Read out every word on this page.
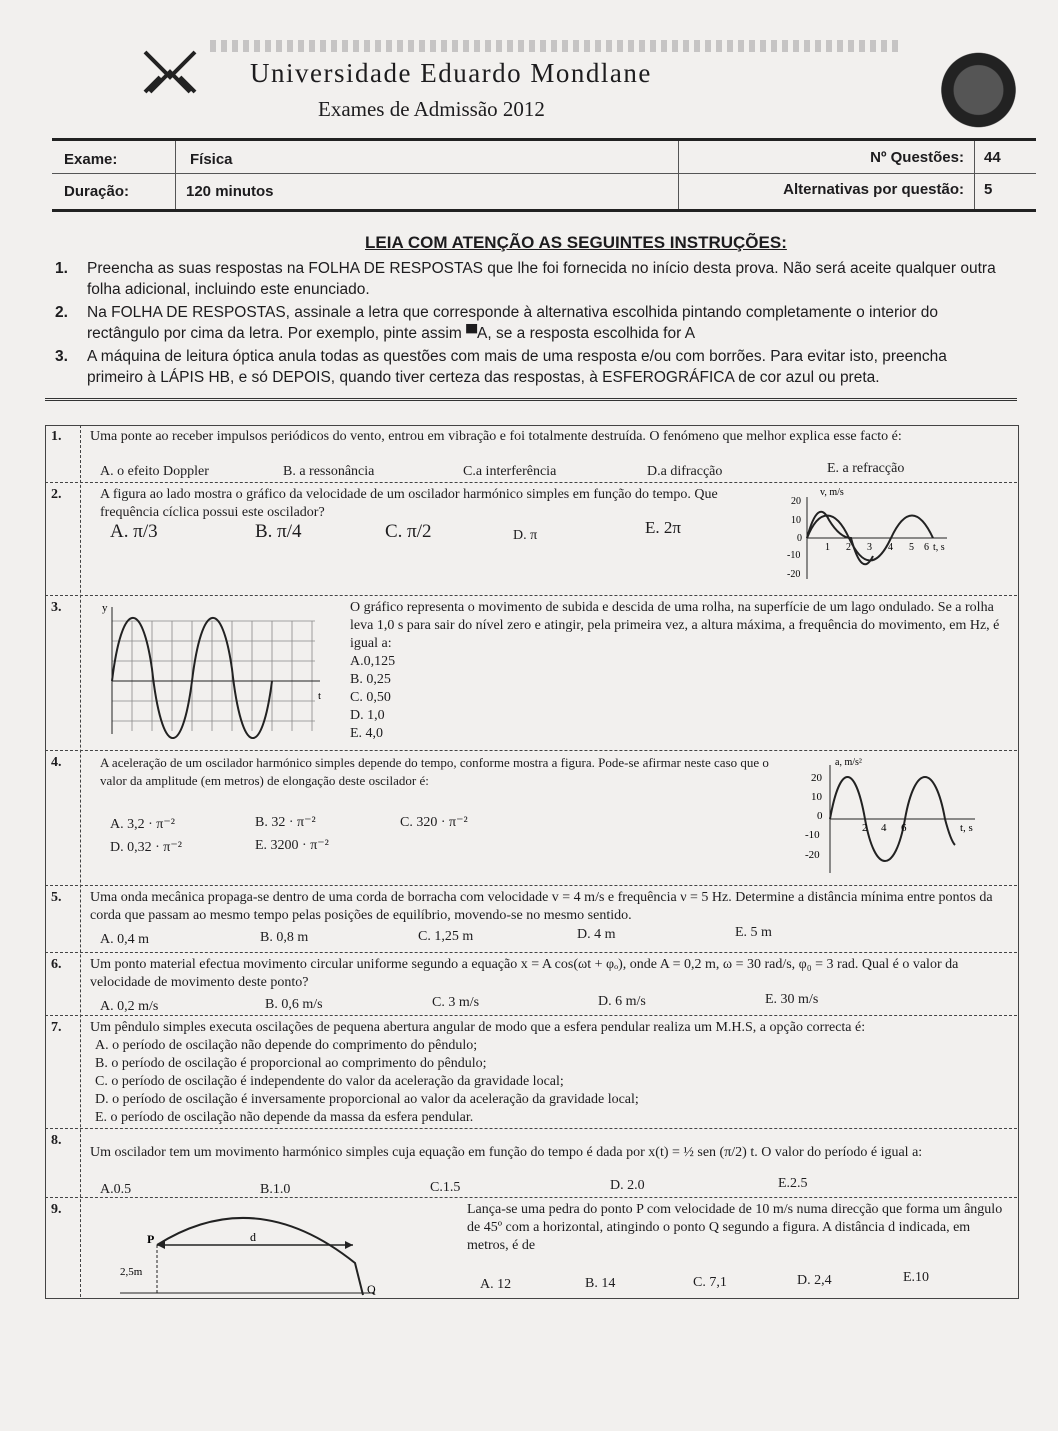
Universidade Eduardo Mondlane
Exames de Admissão 2012
Exame:	Física
Duração:	120 minutos
Nº Questões: 44
Alternativas por questão: 5
LEIA COM ATENÇÃO AS SEGUINTES INSTRUÇÕES:
1. Preencha as suas respostas na FOLHA DE RESPOSTAS que lhe foi fornecida no início desta prova. Não será aceite qualquer outra folha adicional, incluindo este enunciado.
2. Na FOLHA DE RESPOSTAS, assinale a letra que corresponde à alternativa escolhida pintando completamente o interior do rectângulo por cima da letra. Por exemplo, pinte assim ▀A, se a resposta escolhida for A
3. A máquina de leitura óptica anula todas as questões com mais de uma resposta e/ou com borrões. Para evitar isto, preencha primeiro à LÁPIS HB, e só DEPOIS, quando tiver certeza das respostas, à ESFEROGRÁFICA de cor azul ou preta.
1. Uma ponte ao receber impulsos periódicos do vento, entrou em vibração e foi totalmente destruída. O fenómeno que melhor explica esse facto é:
A. o efeito Doppler	B. a ressonância	C.a interferência	D.a difracção	E. a refracção
2.	A figura ao lado mostra o gráfico da velocidade de um oscilador harmónico simples em função do tempo. Que frequência cíclica possui este oscilador?
A. π/3	B. π/4	C. π/2	D. π	E. 2π
v, m/s
20
10
0
-10
-20
1 2 3 4 5 6 t, s
3.	y
t
O gráfico representa o movimento de subida e descida de uma rolha, na superfície de um lago ondulado. Se a rolha leva 1,0 s para sair do nível zero e atingir, pela primeira vez, a altura máxima, a frequência do movimento, em Hz, é igual a:
A.0,125
B. 0,25
C. 0,50
D. 1,0
E. 4,0
4.	A aceleração de um oscilador harmónico simples depende do tempo, conforme mostra a figura. Pode-se afirmar neste caso que o valor da amplitude (em metros) de elongação deste oscilador é:
A. 3,2 · π⁻²	B. 32 · π⁻²	C. 320 · π⁻²
D. 0,32 · π⁻²	E. 3200 · π⁻²
a, m/s²
20
10
0
-10
-20
2 4 6	t, s
5. Uma onda mecânica propaga-se dentro de uma corda de borracha com velocidade v = 4 m/s e frequência ν = 5 Hz. Determine a distância mínima entre pontos da corda que passam ao mesmo tempo pelas posições de equilíbrio, movendo-se no mesmo sentido.
A. 0,4 m	B. 0,8 m	C. 1,25 m	D. 4 m	E. 5 m
6. Um ponto material efectua movimento circular uniforme segundo a equação x = A cos(ωt + φₒ), onde A = 0,2 m, ω = 30 rad/s, φ₀ = 3 rad. Qual é o valor da velocidade de movimento deste ponto?
A. 0,2 m/s	B. 0,6 m/s	C. 3 m/s	D. 6 m/s	E. 30 m/s
7. Um pêndulo simples executa oscilações de pequena abertura angular de modo que a esfera pendular realiza um M.H.S, a opção correcta é:
A. o período de oscilação não depende do comprimento do pêndulo;
B. o período de oscilação é proporcional ao comprimento do pêndulo;
C. o período de oscilação é independente do valor da aceleração da gravidade local;
D. o período de oscilação é inversamente proporcional ao valor da aceleração da gravidade local;
E. o período de oscilação não depende da massa da esfera pendular.
8.
Um oscilador tem um movimento harmónico simples cuja equação em função do tempo é dada por x(t) = ½ sen (π/2) t. O valor do período é igual a:
A.0.5	B.1.0	C.1.5	D. 2.0	E.2.5
9.
P
Q
d
2,5m
Lança-se uma pedra do ponto P com velocidade de 10 m/s numa direcção que forma um ângulo de 45º com a horizontal, atingindo o ponto Q segundo a figura. A distância d indicada, em metros, é de
A. 12	B. 14	C. 7,1	D. 2,4	E.10
